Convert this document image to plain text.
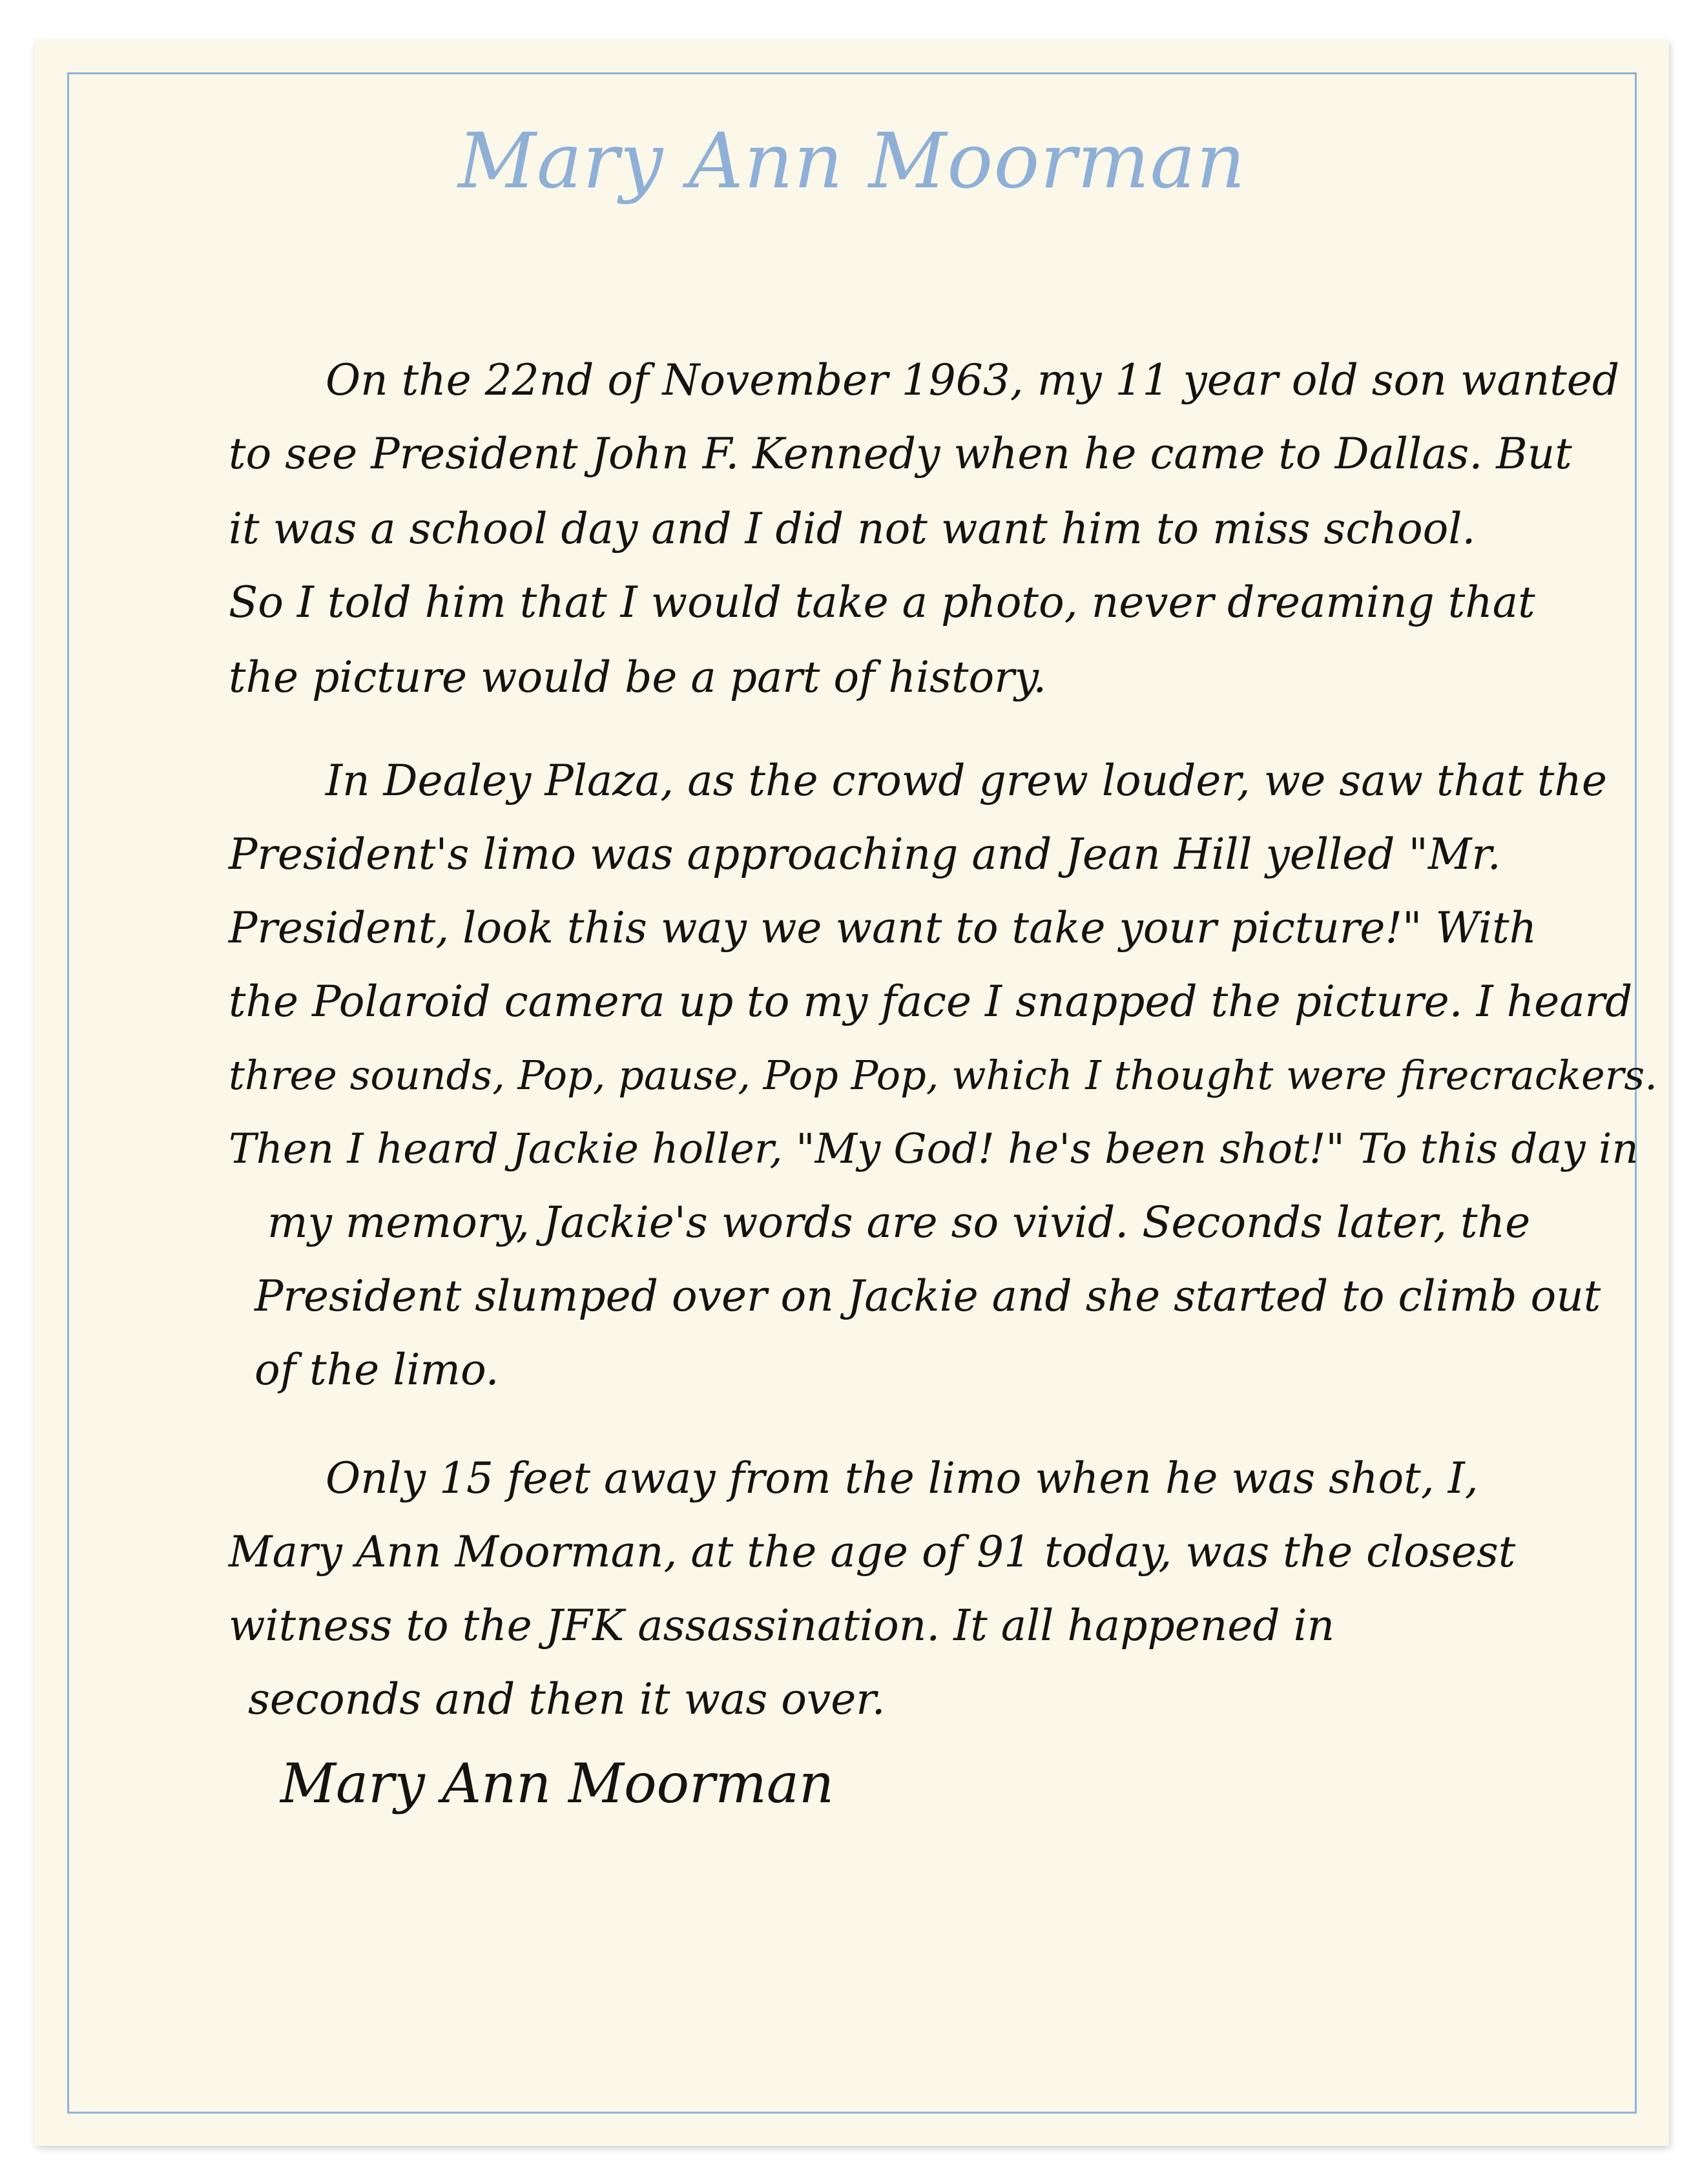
Mary Ann Moorman
On the 22nd of November 1963, my 11 year old son wanted
to see President John F. Kennedy when he came to Dallas. But
it was a school day and I did not want him to miss school.
So I told him that I would take a photo, never dreaming that
the picture would be a part of history.
In Dealey Plaza, as the crowd grew louder, we saw that the
President's limo was approaching and Jean Hill yelled "Mr.
President, look this way we want to take your picture!" With
the Polaroid camera up to my face I snapped the picture. I heard
three sounds, Pop, pause, Pop Pop, which I thought were firecrackers.
Then I heard Jackie holler, "My God! he's been shot!" To this day in
my memory, Jackie's words are so vivid. Seconds later, the
President slumped over on Jackie and she started to climb out
of the limo.
Only 15 feet away from the limo when he was shot, I,
Mary Ann Moorman, at the age of 91 today, was the closest
witness to the JFK assassination. It all happened in
seconds and then it was over.
Mary Ann Moorman
